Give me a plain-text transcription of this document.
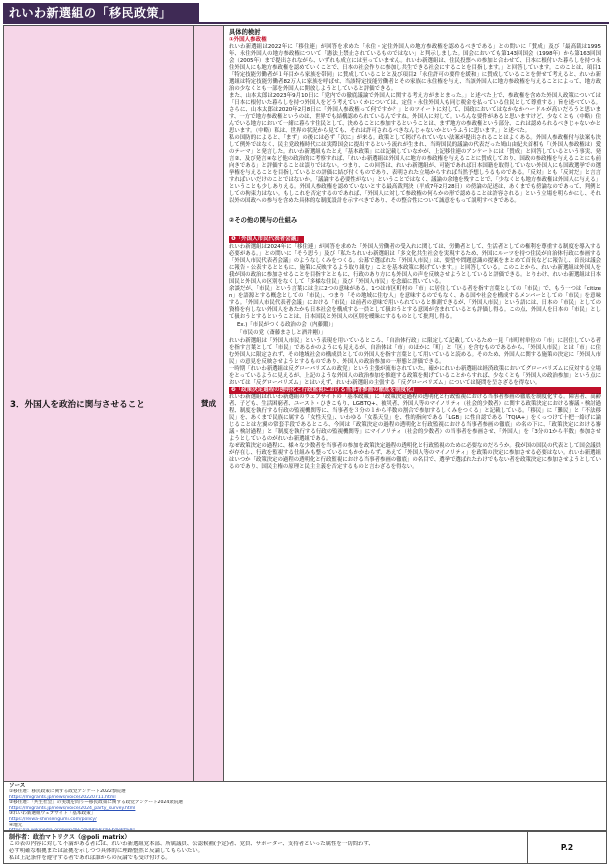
れいわ新選組の「移民政策」
3．外国人を政治に関与させること	賛成
具体的検討
①外国人参政権

れいわ新選組は2022年に「移住連」が回答を求めた「永住・定住外国人の地方参政権を認めるべきである」との問いに「賛成」及び「最高裁は1995年、永住外国人の地方参政権について「憲法上禁止されているものではない」と判示しました。国会においても第143回国会（1998年）から第163回国会（2005年）まで提出されながら、いずれも成立には至っていません。れいわ新選組は、住民投票への参加と合わせて、日本に根付いた暮らしを持つ永住外国人にも地方参政権を認めていくことで、日本の社会作りに参加し共生できる社会にすることを目指します。」と回答しています。このことは、項目1「特定技能労働者が１年目から家族を帯同」に賛成していることと及び項目2「永住許可の要件を緩和」に賛成していることを併せて考えると、れいわ新選組は特定技能労働者82万人に家族を呼ばせ、当該特定技能労働者とその家族に永住権を与え、当該外国人に地方参政権を与えることによって、地方政治の少なくとも一部を外国人に開放しようとしていると評価できる。

また、山本太郎は2023年9月10日に「党内での徹底議論で外国人に関する考え方がまとまった。」と述べた上で、参政権を含めた外国人政策については「日本に根付いた暮らしを持つ外国人をどう考えていくかについては、定住・永住外国人も同じ税金を払っている住民として尊重する」旨を述べている。さらに、山本太郎は2020年2月8日に「外国人参政権って何ですか？」とのツイートに対して、国政においてはなかなかハードルが高いだろうと思います、一方で地方参政権というのは、世界でも結構認められているんですね。外国人に対して。いろんな要件があると思いますけど、少なくとも（中略）住んでいる地方において一緒に暮らす住民として、決めることに参加するということは、まず地方の参政権という部分、これは認められるべきじゃないかと思います。（中略）私は、世界の状況から見ても、それは許可されるべきなんじゃないかというふうに思います。」と述べた。

私の国防的によると、「まず」の後には必ず「次に」が来る。政策として掲げられていない法案が提出されることはよくある。外国人参政権付与法案も決して例外ではなく、民主党政権時代には実際国会に提出するという流れが生まれ、当時国民的議論の代表だった鳩山由紀夫首相も「（外国人参政権は）愛のテーマ」と発言した。れいわ新選組もたとえ「基本政策」には記載していなかが、上記移住連のアンケートには「賛成」と回答しているという事実、発言②、及び発言④など他の政治的に考察すれば、「れいわ新選組は外国人に地方の参政権を与えることに賛成しており、国政の参政権を与えることにも前向きである」と評価することは誤りではない。つまり、この回答は、れいわ新選組が、可能であれば日本国籍を取得していない外国人にも国政選挙での選挙権を与えることを目指しているとの評価に結び付くものであり、表明された立場からすれば当然予想しうるものである。「反対」とも「反対だ」と言言すればいいだけのことではないか。「議論する必要性がない」ということではなく、議論の余地を残すことで、「少なくとも地方参政権は外国人に与える」ということも少しありえる。外国人参政権を認めていないとする最高裁判決（平成7年2月28日）の傍論の記述は、あくまでも傍論なのであって、判例としての拘束力はない。もしこれを否定するのであれば、「外国人に対して参政権の何らかの形で認めることは許容される」という立場を明らかにし、それ以外の国政への参与を含めた具体的な制度設計を示すべきであり、その整合性について誠意をもって説明すべきである。

②その他の関与の仕組み
❶「外国人市民代表者会議」

れいわ新選組は2024年に「移住連」が回答を求めた「外国人労働者の受入れに関しては、労働者として、生活者としての権利を尊重する制度を導入する必要がある。」との問いに「そう思う」及び「私たちれいわ新選組は「多文化共生社会を実現するため、外国にルーツを持つ住民が自治体行政に参画する「外国人市民代表者会議」のようなしくみをつくる。公募で選ばれた「外国人市民」は、要望や問題意識の提案をまとめて首長などに報告し、首長は議会に報告・公表するとともに、施策に反映するよう取り組む」ことを基本政策に掲げています。」と回答している。このことから、れいわ新選組は外国人を我が国の政治に参加させることを目指すとともに、行政のあり方にも外国人の声を反映させようとしていると評価できる。とりわけ、れいわ新選組は日本国民と外国人の区別をなくして「多様な住民」及び「外国人市民」を念頭に置いている。

余談だが、「市民」という言葉には主に2つの意味がある。1つは市区町村の「市」に居住している者を指す言葉としての「市民」で、もう一つは「citizen」を語源とする概念としての「市民」、つまり「その地域に住む人」を意味するのでもなく、ある国や社会を構成するメンバーとしての「市民」を意味する。「外国人市民代表者会議」における「市民」は前者の意味で用いられていると推測できるが、「外国人市民」という語には、日本の「市民」としての資格を有しない外国人をあたかも日本社会を構成する一員として扱おうとする意図が含まれているとも評価し得る。この点、外国人を日本の「市民」として扱おうとするということは、日本国民と外国人の区別を曖昧にするものとして批判し得る。

Ex.)「市民がつくる政治の会（内藤鍛）」
「市民の党（斎藤まさしと酒井剛）」

れいわ新選組は「外国人市民」という表現を用いているところ、「自治体行政」に限定して記載しているため一見「市町村単位の「市」に居住している者を指す言葉として「市民」であるかのようにも見えるが、自治体は「市」のほかに「町」と「区」を含むものであるから、「外国人市民」とは「市」に住む外国人に限定されず、その地域社会の構成員としての外国人を指す言葉として用いていると読める。そのため、外国人に関する施策の決定に「外国人市民」の意見を反映させようとするものであり、外国人の政治参加の一形態と評価できる。

一時期「れいわ新選組は反グローバリズムの政党」という主張が流布されていた。確かにれいわ新選組は経済政策においてグローバリズムに反対する立場をとっているように見えるが、上記のような外国人の政治参加を推進する政策を掲げていることからすれば、少なくとも「外国人の政治参加」という点においては「反グローバリズム」とはいえず、れいわ新選組の主張する「反グローバリズム」については疑問を呈さざるを得ない。

❷「政策決定過程の透明化と行政監視における当事者参画の徹底を制度化」

れいわ新選組はれいわ新選組のウェブサイトの「基本政策」に「政策決定過程の透明化と行政監視における当事者参画の徹底を制度化する。障害者、高齢者、子ども、生活困窮者、ユースト・ひきこもり、LGBTQ+、被災者、外国人等のマイノリティ（社会的少数者）に関する政策決定における審議・検討過程、制度を執行する行政の監視機関等に、当事者を３分の１から半数の割合で参加するしくみをつくる」と記載している。「移民」に「難民」と「不法移民」を、あくまで民族に属する「女性天皇」、いわゆる「女系天皇」を、性的指向である「LGB」に性自認である「TQIA+」をくっつけて十把一絡げに論じることは左翼の常套手段であるところ、今回は「政策決定の過程の透明化と行政監視における当事者参画の徹底」の名の下に、「政策決定における審議・検討過程」と「制度を執行する行政の監視機関等」にマイノリティ（社会的少数者）の当事者を参画させ、「外国人」を「3分の1から半数」参加させようとしているのがれいわ新選組である。

なぜ政策決定の過程に、様々な少数者を当事者の参加を政策決定過程の透明化と行政監視のために必要なのだろうか。我が国の国民の代表として国会議員が存在し、行政を監視する仕組みも整っているにもかかわらず、あえて「外国人等のマイノリティ」を政策の決定に参加させる必要はない。れいわ新選組はいつか「政策決定の過程の透明化と行政監視における当事者参画の徹底」の名目で、選挙で選ばれたわけでもない者を政策決定に参加させようとしているのであり、国民主権の原理と民主主義を否定するものと言わざるを得ない。

ソース
①移住連：移民政策に関する政党アンケート2022参院選
https://migrants.jp/news/voice/20220711.html
②移住連：「共生社会」の実現を問う—移民政策に関する政党アンケート2024衆院選
https://migrants.jp/news/voice/2024_party_survey.html
③れいわ新選組ウェブサイト「基本政策」
https://reiwa-shinsengumi.com/policy/
④地元
https://ja.wikipedia.org/wiki/%E5%B8%82%E6%B0%91
制作者：政治マトリクス（@poli_matrix）
この表の内容に対して不満がある者には、れいわ新選組党本部、所属議員、公認候補(予定)者、党員、サポーター、支持者といった属性を一切問わず、
必ず明確な根拠または証拠を示しつつ具体的に理路整然と反論してもらいたい。
私は上記条件を遵守する者であれば誰からの反論でも受け付ける。
P.2
